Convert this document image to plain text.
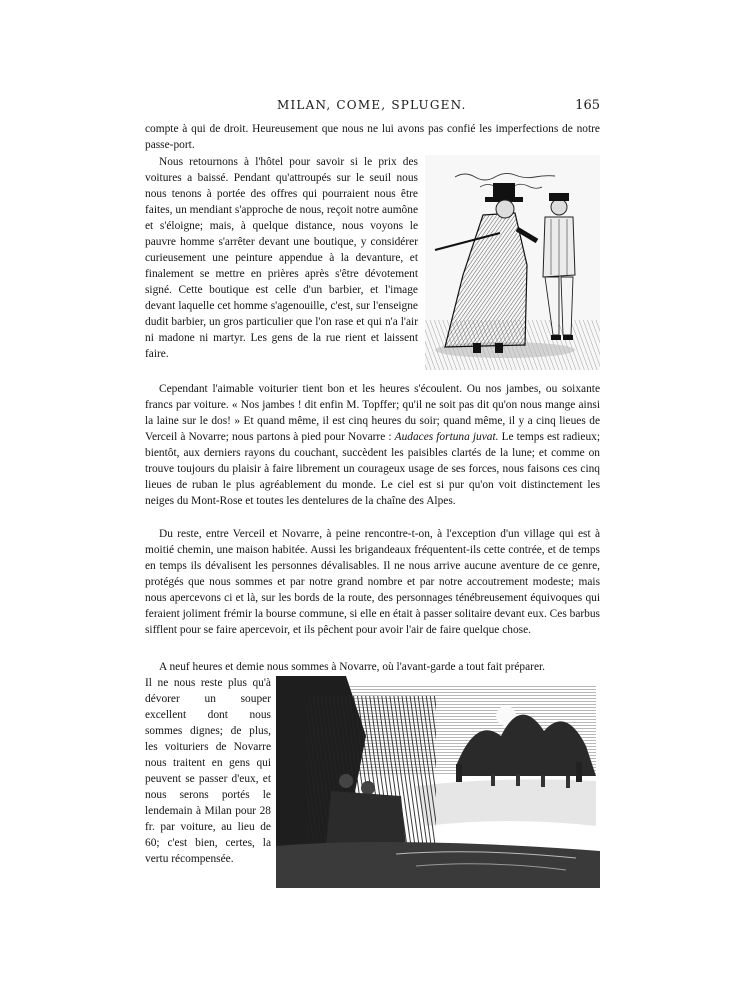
MILAN, COME, SPLUGEN.	165

compte à qui de droit. Heureusement que nous ne lui avons pas confié les imperfections de notre passe-port.

Nous retournons à l'hôtel pour savoir si le prix des voitures a baissé. Pendant qu'attroupés sur le seuil nous nous tenons à portée des offres qui pourraient nous être faites, un mendiant s'approche de nous, reçoit notre aumône et s'éloigne; mais, à quelque distance, nous voyons le pauvre homme s'arrêter devant une boutique, y considérer curieusement une peinture appendue à la devanture, et finalement se mettre en prières après s'être dévotement signé. Cette boutique est celle d'un barbier, et l'image devant laquelle cet homme s'agenouille, c'est, sur l'enseigne dudit barbier, un gros particulier que l'on rase et qui n'a l'air ni madone ni martyr. Les gens de la rue rient et laissent faire.

Cependant l'aimable voiturier tient bon et les heures s'écoulent. Ou nos jambes, ou soixante francs par voiture. « Nos jambes ! dit enfin M. Topffer; qu'il ne soit pas dit qu'on nous mange ainsi la laine sur le dos! » Et quand même, il est cinq heures du soir; quand même, il y a cinq lieues de Verceil à Novarre; nous partons à pied pour Novarre : Audaces fortuna juvat. Le temps est radieux; bientôt, aux derniers rayons du couchant, succèdent les paisibles clartés de la lune; et comme on trouve toujours du plaisir à faire librement un courageux usage de ses forces, nous faisons ces cinq lieues de ruban le plus agréablement du monde. Le ciel est si pur qu'on voit distinctement les neiges du Mont-Rose et toutes les dentelures de la chaîne des Alpes.

Du reste, entre Verceil et Novarre, à peine rencontre-t-on, à l'exception d'un village qui est à moitié chemin, une maison habitée. Aussi les brigandeaux fréquentent-ils cette contrée, et de temps en temps ils dévalisent les personnes dévalisables. Il ne nous arrive aucune aventure de ce genre, protégés que nous sommes et par notre grand nombre et par notre accoutrement modeste; mais nous apercevons ci et là, sur les bords de la route, des personnages ténébreusement équivoques qui feraient joliment frémir la bourse commune, si elle en était à passer solitaire devant eux. Ces barbus sifflent pour se faire apercevoir, et ils pêchent pour avoir l'air de faire quelque chose.

A neuf heures et demie nous sommes à Novarre, où l'avant-garde a tout fait préparer.

Il ne nous reste plus qu'à dévorer un souper excellent dont nous sommes dignes; de plus, les voituriers de Novarre nous traitent en gens qui peuvent se passer d'eux, et nous serons portés le lendemain à Milan pour 28 fr. par voiture, au lieu de 60; c'est bien, certes, la vertu récompensée.
